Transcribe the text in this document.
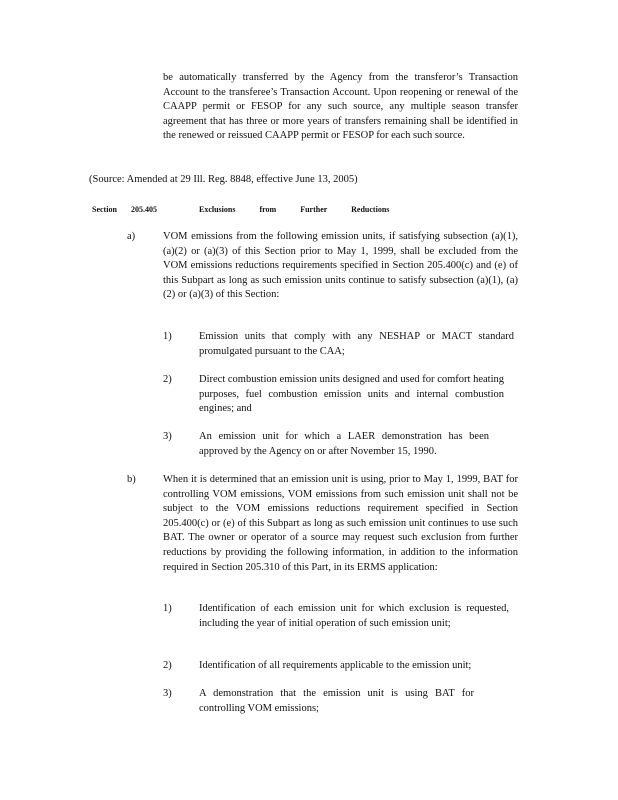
be automatically transferred by the Agency from the transferor’s Transaction Account to the transferee’s Transaction Account. Upon reopening or renewal of the CAAPP permit or FESOP for any such source, any multiple season transfer agreement that has three or more years of transfers remaining shall be identified in the renewed or reissued CAAPP permit or FESOP for each such source.

(Source: Amended at 29 Ill. Reg. 8848, effective June 13, 2005)

Section 205.405	Exclusions from Further Reductions
a)	VOM emissions from the following emission units, if satisfying subsection (a)(1), (a)(2) or (a)(3) of this Section prior to May 1, 1999, shall be excluded from the VOM emissions reductions requirements specified in Section 205.400(c) and (e) of this Subpart as long as such emission units continue to satisfy subsection (a)(1), (a)(2) or (a)(3) of this Section:

1)	Emission units that comply with any NESHAP or MACT standard promulgated pursuant to the CAA;

2)	Direct combustion emission units designed and used for comfort heating purposes, fuel combustion emission units and internal combustion engines; and

3)	An emission unit for which a LAER demonstration has been approved by the Agency on or after November 15, 1990.

b)	When it is determined that an emission unit is using, prior to May 1, 1999, BAT for controlling VOM emissions, VOM emissions from such emission unit shall not be subject to the VOM emissions reductions requirement specified in Section 205.400(c) or (e) of this Subpart as long as such emission unit continues to use such BAT. The owner or operator of a source may request such exclusion from further reductions by providing the following information, in addition to the information required in Section 205.310 of this Part, in its ERMS application:

1)	Identification of each emission unit for which exclusion is requested, including the year of initial operation of such emission unit;

2)	Identification of all requirements applicable to the emission unit;

3)	A demonstration that the emission unit is using BAT for controlling VOM emissions;
